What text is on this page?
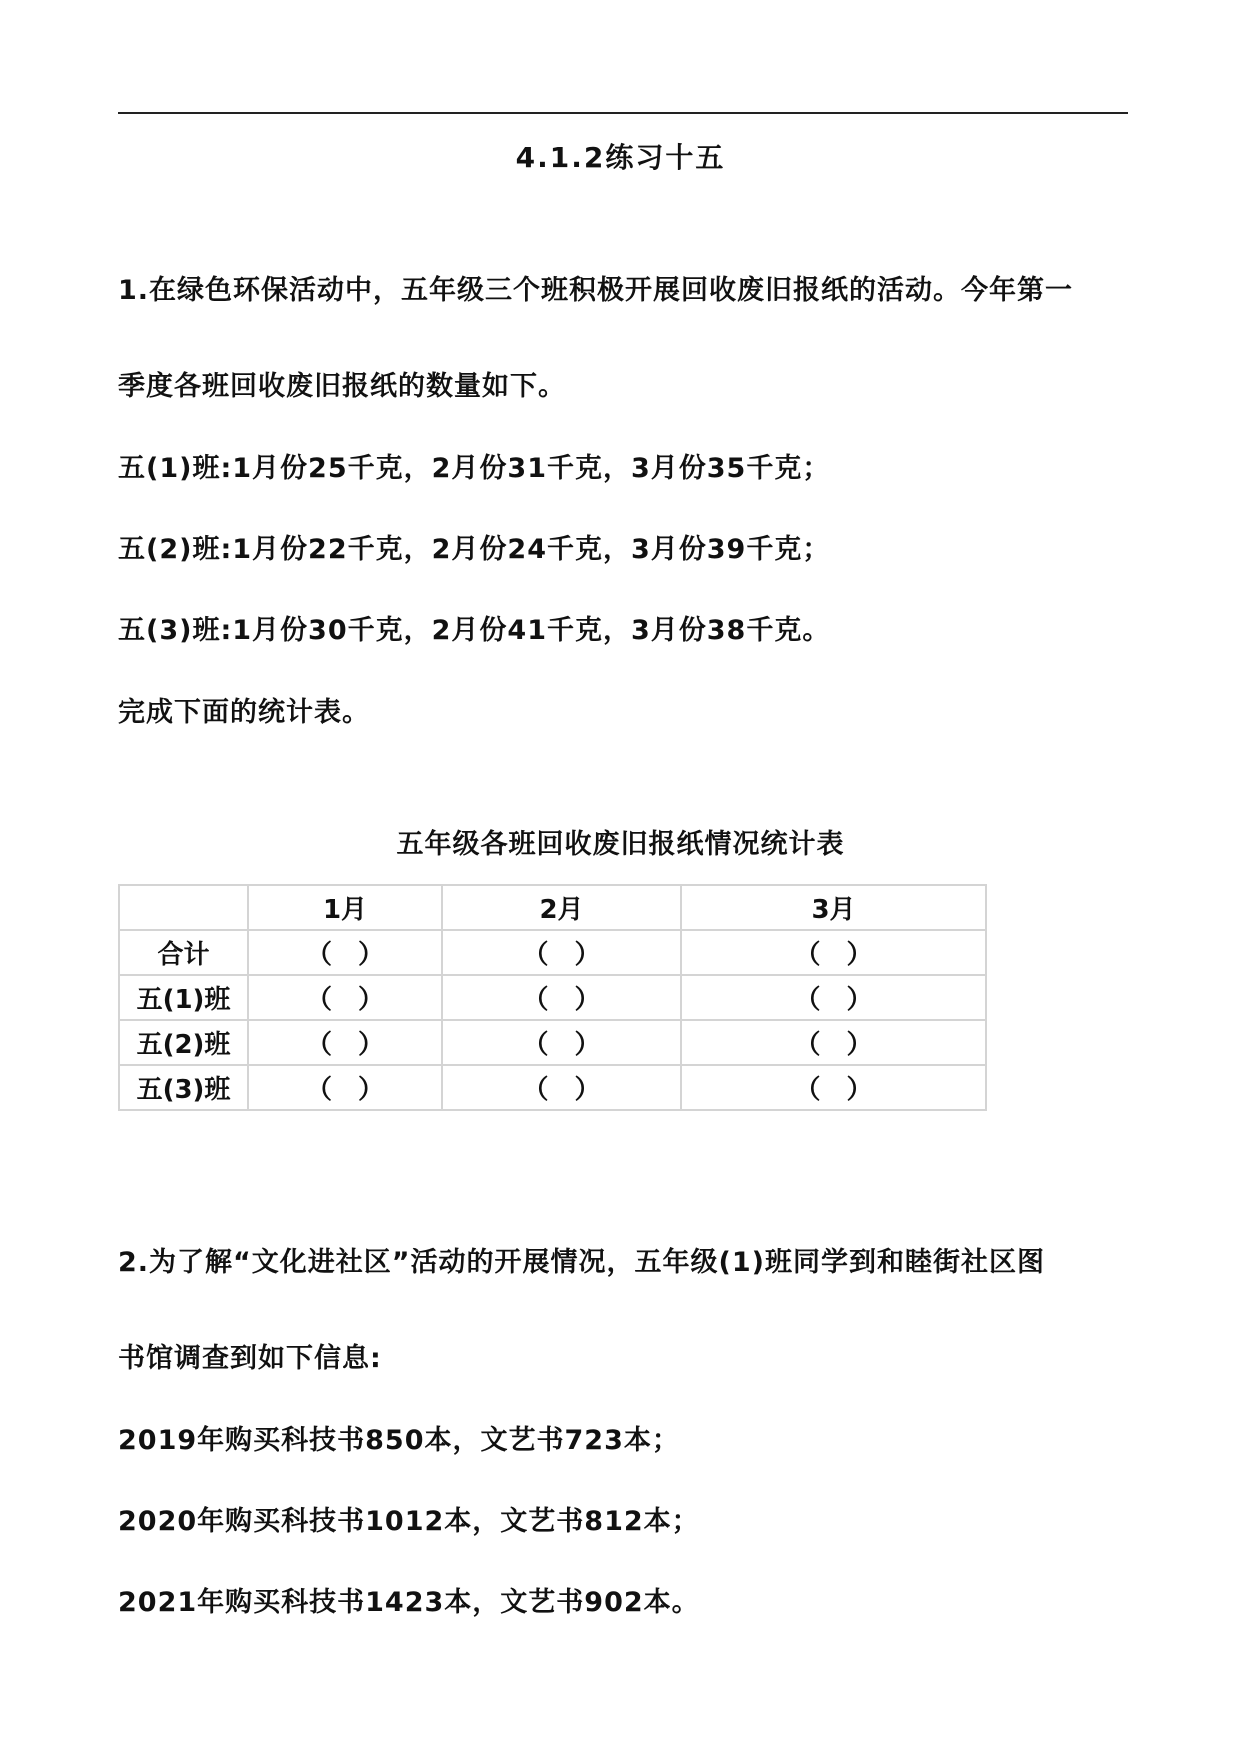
4.1.2练习十五
1.在绿色环保活动中，五年级三个班积极开展回收废旧报纸的活动。今年第一
季度各班回收废旧报纸的数量如下。
五(1)班:1月份25千克，2月份31千克，3月份35千克；
五(2)班:1月份22千克，2月份24千克，3月份39千克；
五(3)班:1月份30千克，2月份41千克，3月份38千克。
完成下面的统计表。
五年级各班回收废旧报纸情况统计表
	1月	2月	3月
合计	（　）	（　）	（　）
五(1)班	（　）	（　）	（　）
五(2)班	（　）	（　）	（　）
五(3)班	（　）	（　）	（　）
2.为了解“文化进社区”活动的开展情况，五年级(1)班同学到和睦街社区图
书馆调查到如下信息:
2019年购买科技书850本，文艺书723本；
2020年购买科技书1012本，文艺书812本；
2021年购买科技书1423本，文艺书902本。
